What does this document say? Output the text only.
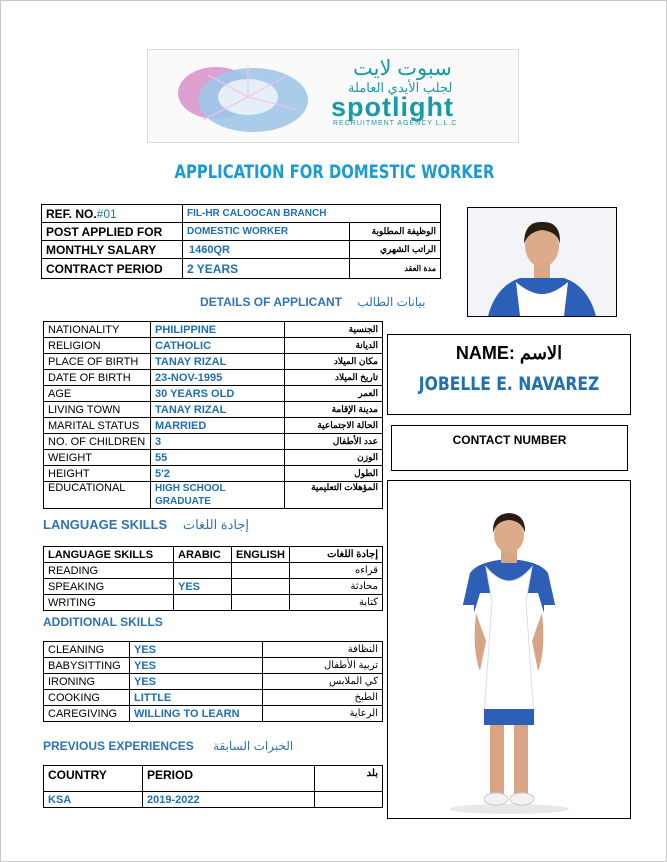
سبوت لايت
لجلب الأيدي العاملة
spotlight
RECRUITMENT AGENCY L.L.C
APPLICATION FOR DOMESTIC WORKER
REF. NO.#01	FIL-HR CALOOCAN BRANCH	
POST APPLIED FOR	DOMESTIC WORKER	الوظيفة المطلوبة
MONTHLY SALARY	1460QR	الراتب الشهري
CONTRACT PERIOD	2 YEARS	مدة العقد
DETAILS OF APPLICANT بيانات الطالب
NATIONALITY	PHILIPPINE	الجنسية
RELIGION	CATHOLIC	الديانة
PLACE OF BIRTH	TANAY RIZAL	مكان الميلاد
DATE OF BIRTH	23-NOV-1995	تاريخ الميلاد
AGE	30 YEARS OLD	العمر
LIVING TOWN	TANAY RIZAL	مدينة الإقامة
MARITAL STATUS	MARRIED	الحالة الاجتماعية
NO. OF CHILDREN	3	عدد الأطفال
WEIGHT	55	الوزن
HEIGHT	5'2	الطول
EDUCATIONAL	HIGH SCHOOL GRADUATE	المؤهلات التعليمية
NAME: الاسم
JOBELLE E. NAVAREZ
CONTACT NUMBER
LANGUAGE SKILLS إجادة اللغات
LANGUAGE SKILLS	ARABIC	ENGLISH	إجادة اللغات
READING			قراءه
SPEAKING	YES		محادثة
WRITING			كتابة
ADDITIONAL SKILLS
CLEANING	YES	النظافة
BABYSITTING	YES	تربية الأطفال
IRONING	YES	كي الملابس
COOKING	LITTLE	الطبخ
CAREGIVING	WILLING TO LEARN	الرعاية
PREVIOUS EXPERIENCES الخبرات السابقة
COUNTRY	PERIOD	بلد
KSA	2019-2022	
